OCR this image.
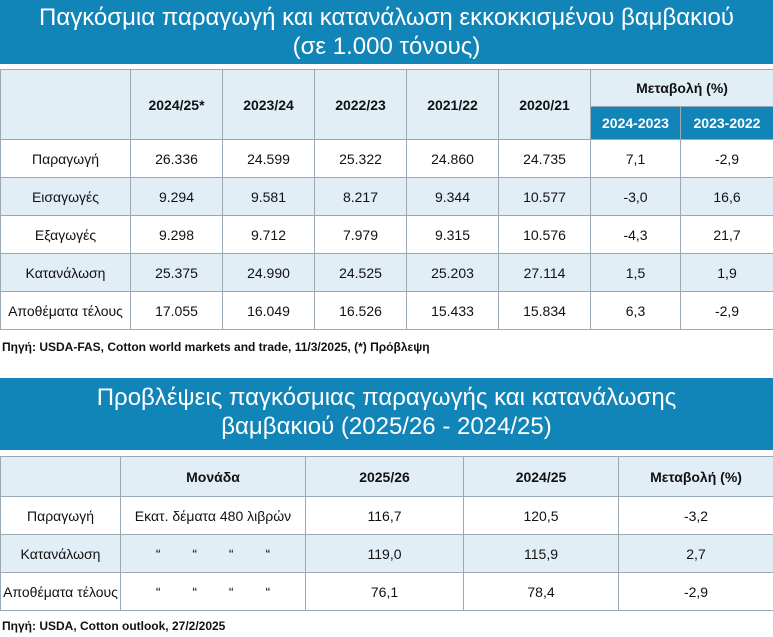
Παγκόσμια παραγωγή και κατανάλωση εκκοκκισμένου βαμβακιού
(σε 1.000 τόνους)
	2024/25*	2023/24	2022/23	2021/22	2020/21	Μεταβολή (%)	
						2024-2023	2023-2022
Παραγωγή	26.336	24.599	25.322	24.860	24.735	7,1	-2,9
Εισαγωγές	9.294	9.581	8.217	9.344	10.577	-3,0	16,6
Εξαγωγές	9.298	9.712	7.979	9.315	10.576	-4,3	21,7
Κατανάλωση	25.375	24.990	24.525	25.203	27.114	1,5	1,9
Αποθέματα τέλους	17.055	16.049	16.526	15.433	15.834	6,3	-2,9
Πηγή: USDA-FAS, Cotton world markets and trade, 11/3/2025, (*) Πρόβλεψη
Προβλέψεις παγκόσμιας παραγωγής και κατανάλωσης
βαμβακιού (2025/26 - 2024/25)
	Μονάδα	2025/26	2024/25	Μεταβολή (%)
Παραγωγή	Εκατ. δέματα 480 λιβρών	116,7	120,5	-3,2
Κατανάλωση	“ “ “ “	119,0	115,9	2,7
Αποθέματα τέλους	“ “ “ “	76,1	78,4	-2,9
Πηγή: USDA, Cotton outlook, 27/2/2025
